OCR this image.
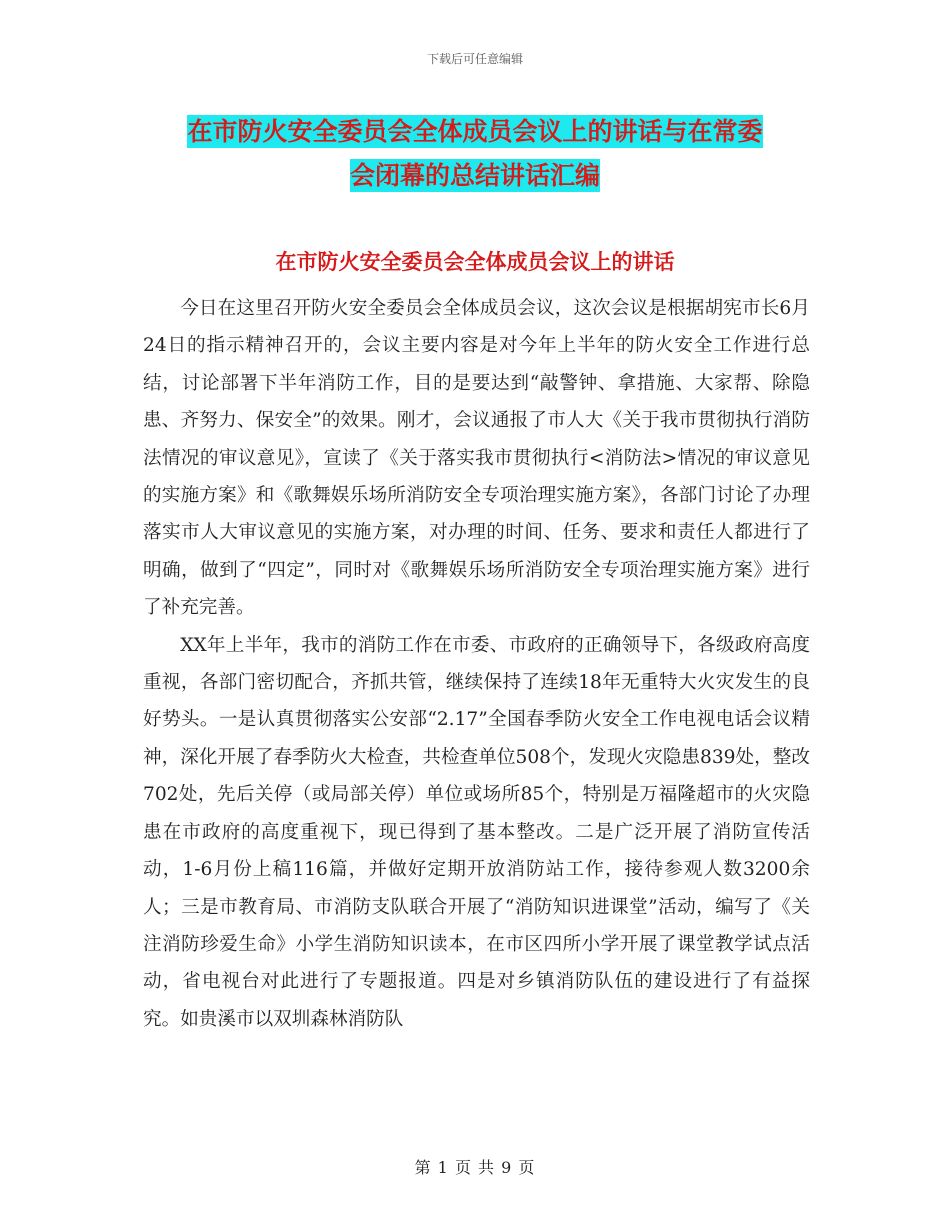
下载后可任意编辑
在市防火安全委员会全体成员会议上的讲话与在常委
会闭幕的总结讲话汇编
在市防火安全委员会全体成员会议上的讲话

今日在这里召开防火安全委员会全体成员会议，这次会议是根据胡宪市长6月24日的指示精神召开的，会议主要内容是对今年上半年的防火安全工作进行总结，讨论部署下半年消防工作，目的是要达到“敲警钟、拿措施、大家帮、除隐患、齐努力、保安全”的效果。刚才，会议通报了市人大《关于我市贯彻执行消防法情况的审议意见》，宣读了《关于落实我市贯彻执行<消防法>情况的审议意见的实施方案》和《歌舞娱乐场所消防安全专项治理实施方案》，各部门讨论了办理落实市人大审议意见的实施方案，对办理的时间、任务、要求和责任人都进行了明确，做到了“四定”，同时对《歌舞娱乐场所消防安全专项治理实施方案》进行了补充完善。

XX年上半年，我市的消防工作在市委、市政府的正确领导下，各级政府高度重视，各部门密切配合，齐抓共管，继续保持了连续18年无重特大火灾发生的良好势头。一是认真贯彻落实公安部“2.17”全国春季防火安全工作电视电话会议精神，深化开展了春季防火大检查，共检查单位508个，发现火灾隐患839处，整改702处，先后关停（或局部关停）单位或场所85个，特别是万福隆超市的火灾隐患在市政府的高度重视下，现已得到了基本整改。二是广泛开展了消防宣传活动，1-6月份上稿116篇，并做好定期开放消防站工作，接待参观人数3200余人；三是市教育局、市消防支队联合开展了“消防知识进课堂”活动，编写了《关注消防珍爱生命》小学生消防知识读本，在市区四所小学开展了课堂教学试点活动，省电视台对此进行了专题报道。四是对乡镇消防队伍的建设进行了有益探究。如贵溪市以双圳森林消防队

第 1 页 共 9 页
